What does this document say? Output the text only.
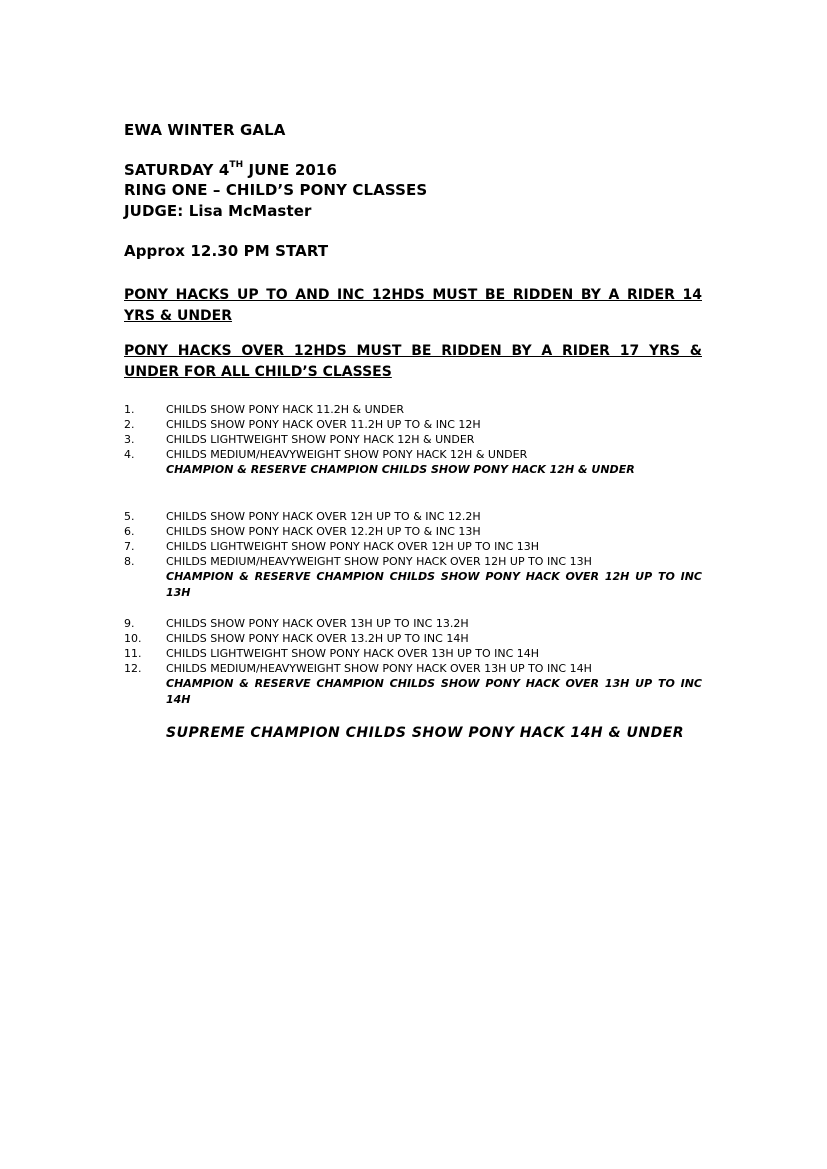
EWA WINTER GALA
SATURDAY 4TH JUNE 2016
RING ONE – CHILD’S PONY CLASSES
JUDGE: Lisa McMaster
Approx 12.30 PM START
PONY HACKS UP TO AND INC 12HDS MUST BE RIDDEN BY A RIDER 14 YRS & UNDER
PONY HACKS OVER 12HDS MUST BE RIDDEN BY A RIDER 17 YRS & UNDER FOR ALL CHILD’S CLASSES
1.	CHILDS SHOW PONY HACK 11.2H & UNDER
2.	CHILDS SHOW PONY HACK OVER 11.2H UP TO & INC 12H
3.	CHILDS LIGHTWEIGHT SHOW PONY HACK 12H & UNDER
4.	CHILDS MEDIUM/HEAVYWEIGHT SHOW PONY HACK 12H & UNDER
CHAMPION & RESERVE CHAMPION CHILDS SHOW PONY HACK 12H & UNDER
5.	CHILDS SHOW PONY HACK OVER 12H UP TO & INC 12.2H
6.	CHILDS SHOW PONY HACK OVER 12.2H UP TO & INC 13H
7.	CHILDS LIGHTWEIGHT SHOW PONY HACK OVER 12H UP TO INC 13H
8.	CHILDS MEDIUM/HEAVYWEIGHT SHOW PONY HACK OVER 12H UP TO INC 13H
CHAMPION & RESERVE CHAMPION CHILDS SHOW PONY HACK OVER 12H UP TO INC 13H
9.	CHILDS SHOW PONY HACK OVER 13H UP TO INC 13.2H
10. CHILDS SHOW PONY HACK OVER 13.2H UP TO INC 14H
11. CHILDS LIGHTWEIGHT SHOW PONY HACK OVER 13H UP TO INC 14H
12. CHILDS MEDIUM/HEAVYWEIGHT SHOW PONY HACK OVER 13H UP TO INC 14H
CHAMPION & RESERVE CHAMPION CHILDS SHOW PONY HACK OVER 13H UP TO INC 14H
SUPREME CHAMPION CHILDS SHOW PONY HACK 14H & UNDER
